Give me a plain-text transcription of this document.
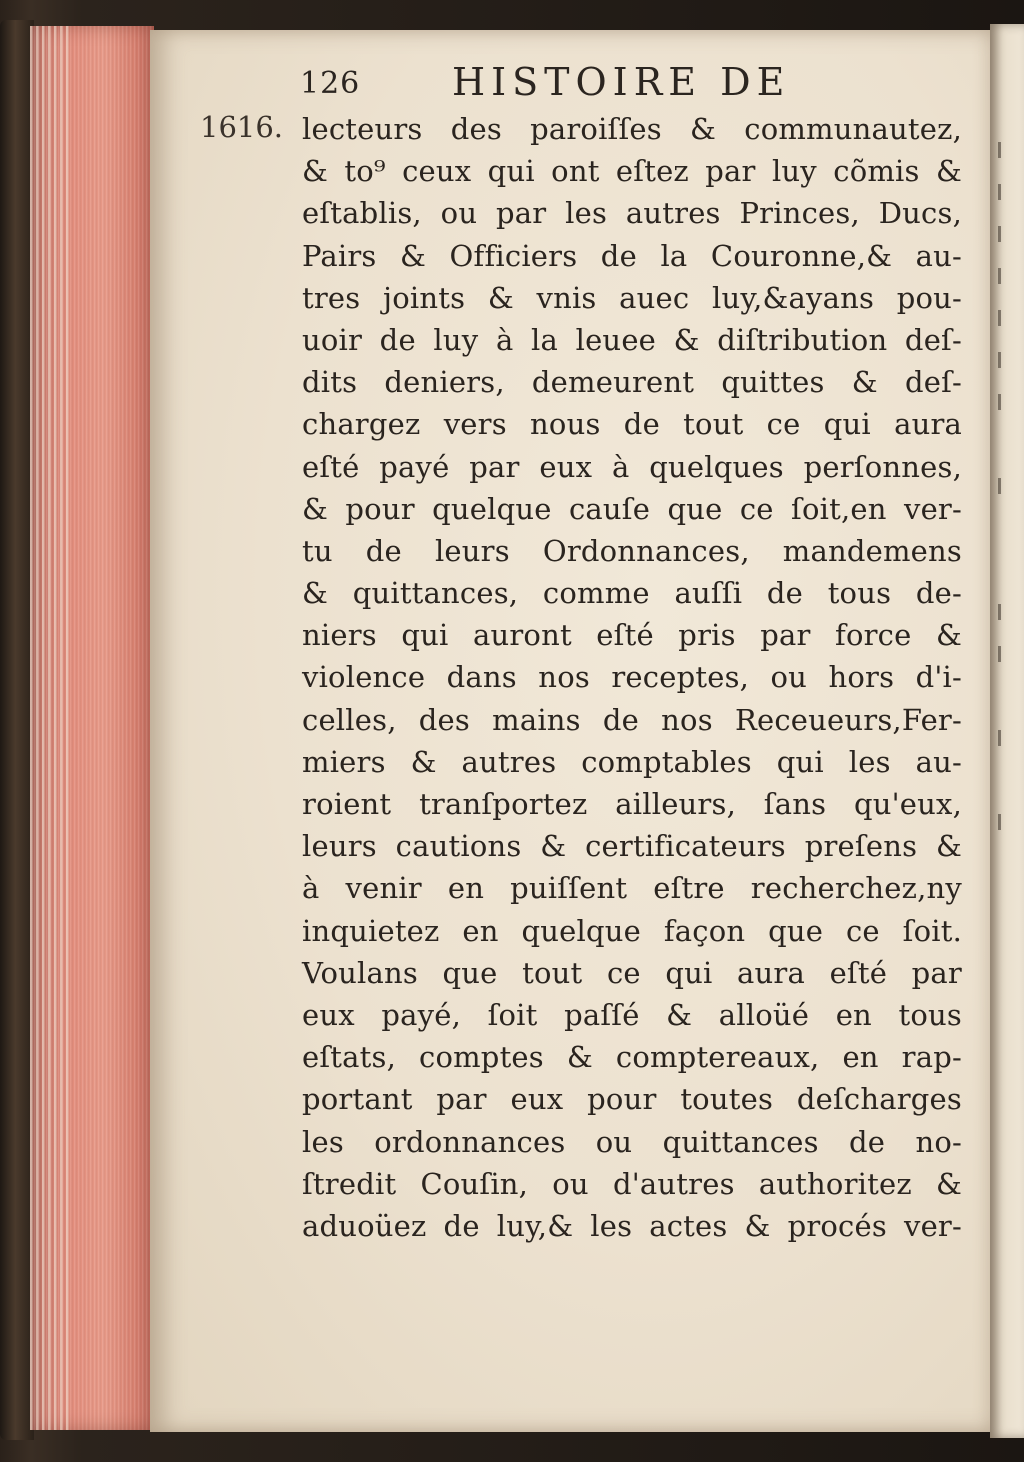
126 HISTOIRE DE
1616. lecteurs des paroiſſes & communautez,
& to⁹ ceux qui ont eſtez par luy cõmis &
eſtablis, ou par les autres Princes, Ducs,
Pairs & Officiers de la Couronne,& au-
tres joints & vnis auec luy,&ayans pou-
uoir de luy à la leuee & diſtribution deſ-
dits deniers, demeurent quittes & deſ-
chargez vers nous de tout ce qui aura
eſté payé par eux à quelques perſonnes,
& pour quelque cauſe que ce ſoit,en ver-
tu de leurs Ordonnances, mandemens
& quittances, comme auſſi de tous de-
niers qui auront eſté pris par force &
violence dans nos receptes, ou hors d'i-
celles, des mains de nos Receueurs,Fer-
miers & autres comptables qui les au-
roient tranſportez ailleurs, ſans qu'eux,
leurs cautions & certificateurs preſens &
à venir en puiſſent eſtre recherchez,ny
inquietez en quelque façon que ce ſoit.
Voulans que tout ce qui aura eſté par
eux payé, ſoit paſſé & alloüé en tous
eſtats, comptes & comptereaux, en rap-
portant par eux pour toutes deſcharges
les ordonnances ou quittances de no-
ſtredit Couſin, ou d'autres authoritez &
aduoüez de luy,& les actes & procés ver-
